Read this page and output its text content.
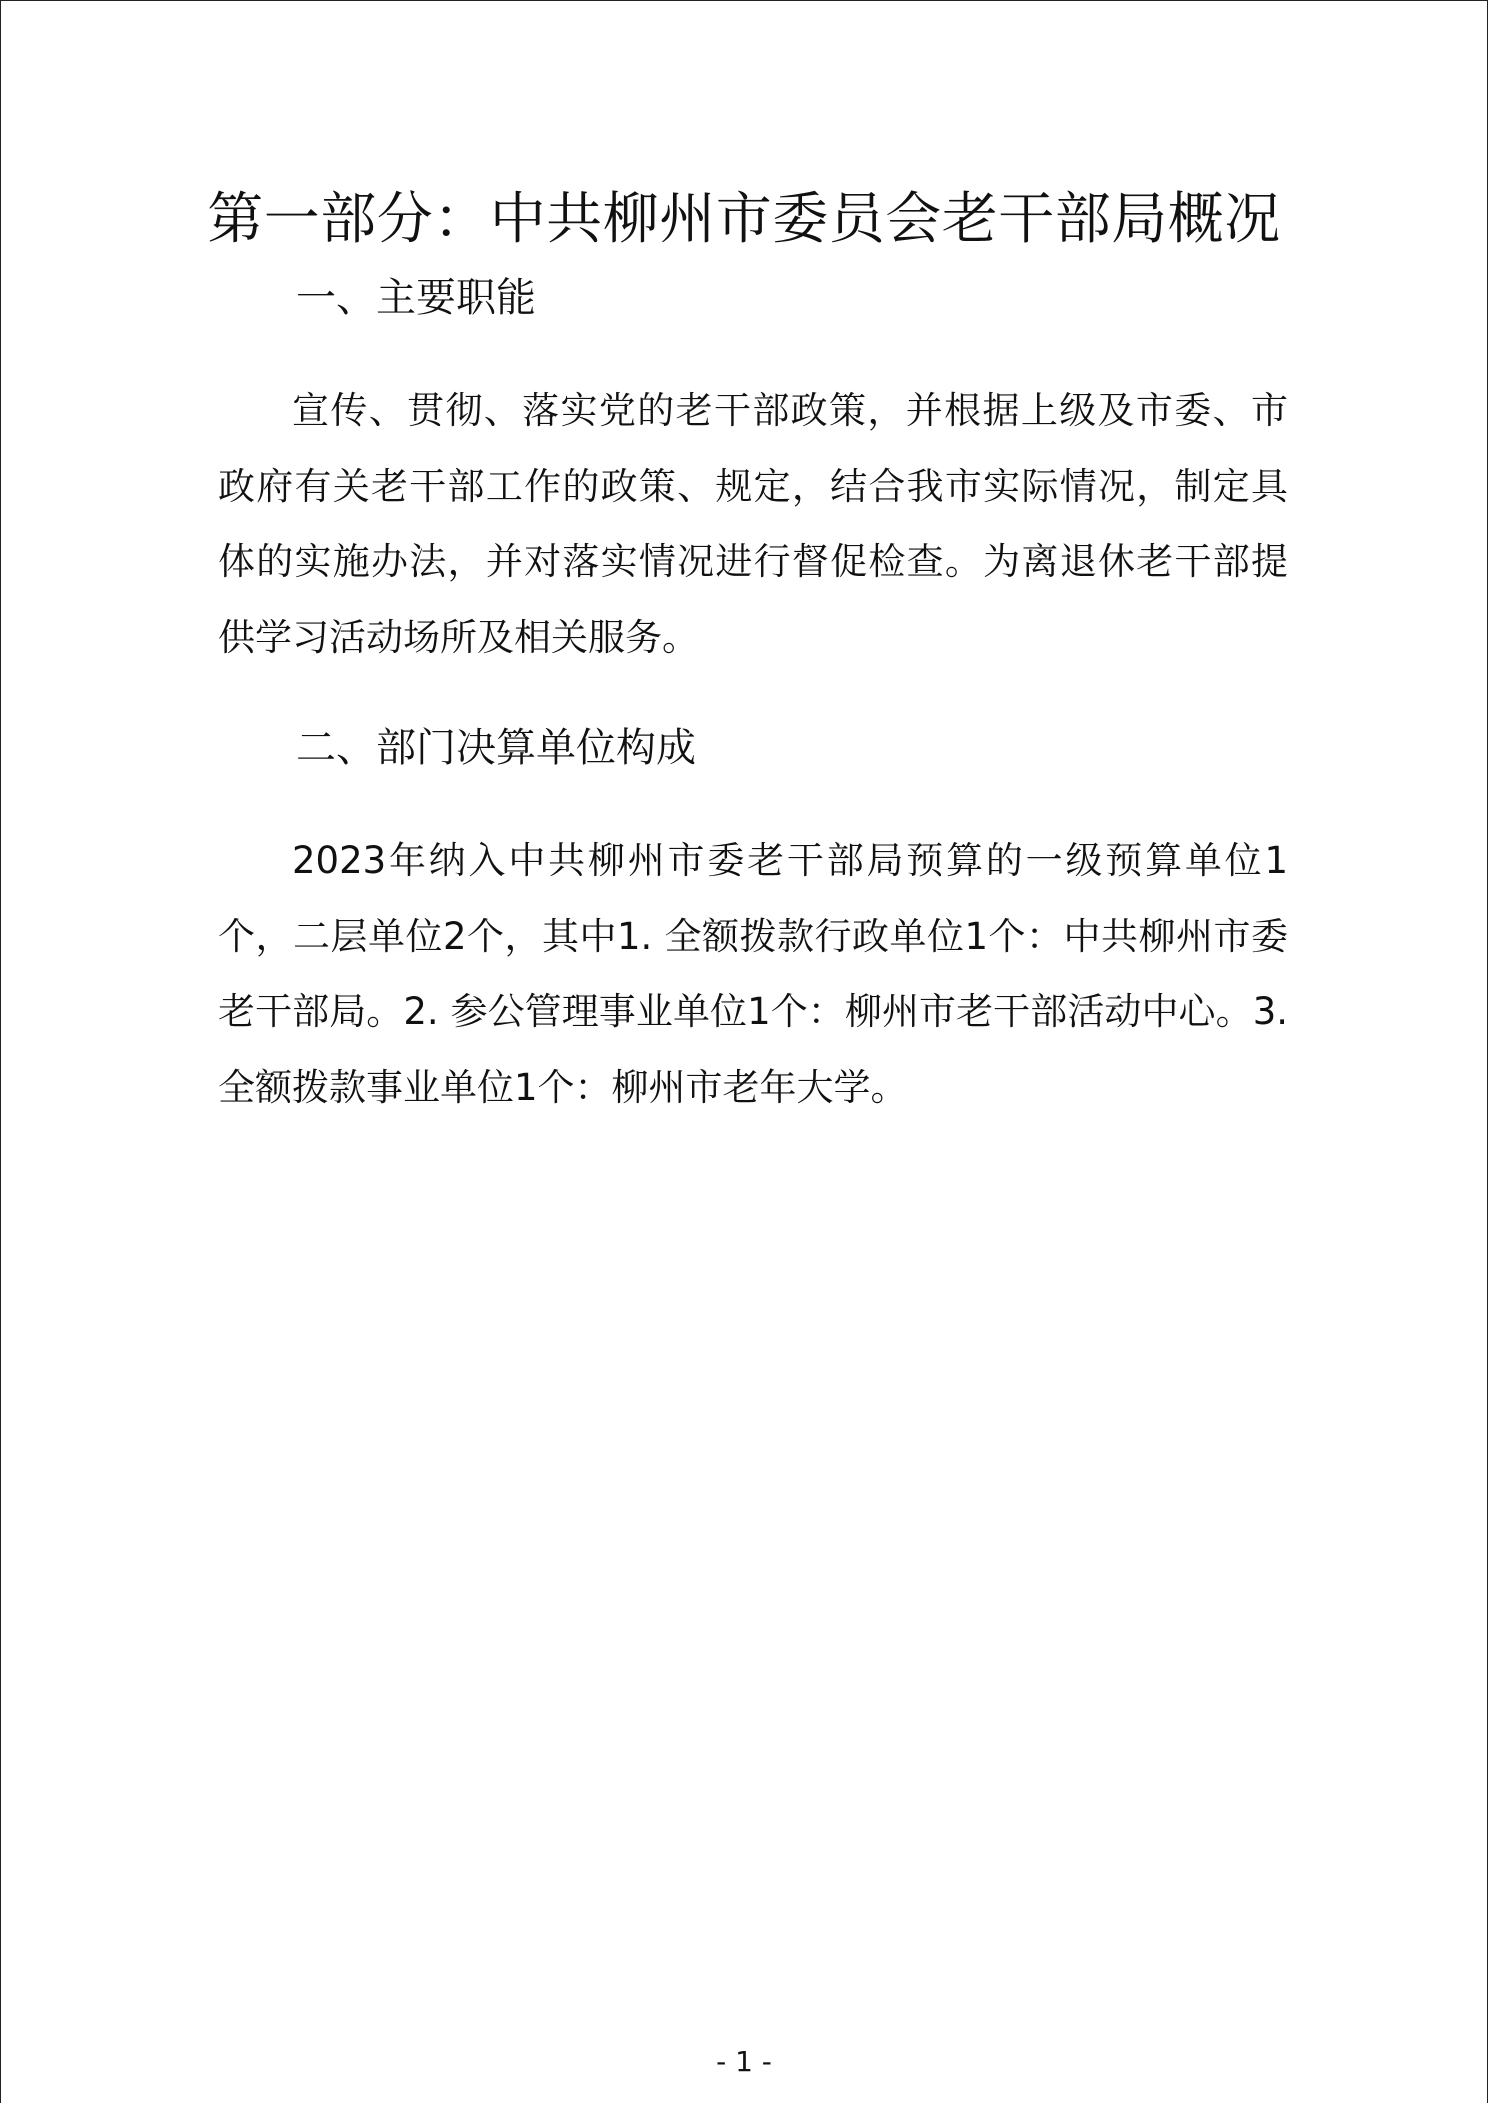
第一部分：中共柳州市委员会老干部局概况
一、主要职能

宣传、贯彻、落实党的老干部政策，并根据上级及市委、市政府有关老干部工作的政策、规定，结合我市实际情况，制定具体的实施办法，并对落实情况进行督促检查。为离退休老干部提供学习活动场所及相关服务。

二、部门决算单位构成

2023年纳入中共柳州市委老干部局预算的一级预算单位1个，二层单位2个，其中1. 全额拨款行政单位1个：中共柳州市委老干部局。2. 参公管理事业单位1个：柳州市老干部活动中心。3. 全额拨款事业单位1个：柳州市老年大学。

- 1 -
